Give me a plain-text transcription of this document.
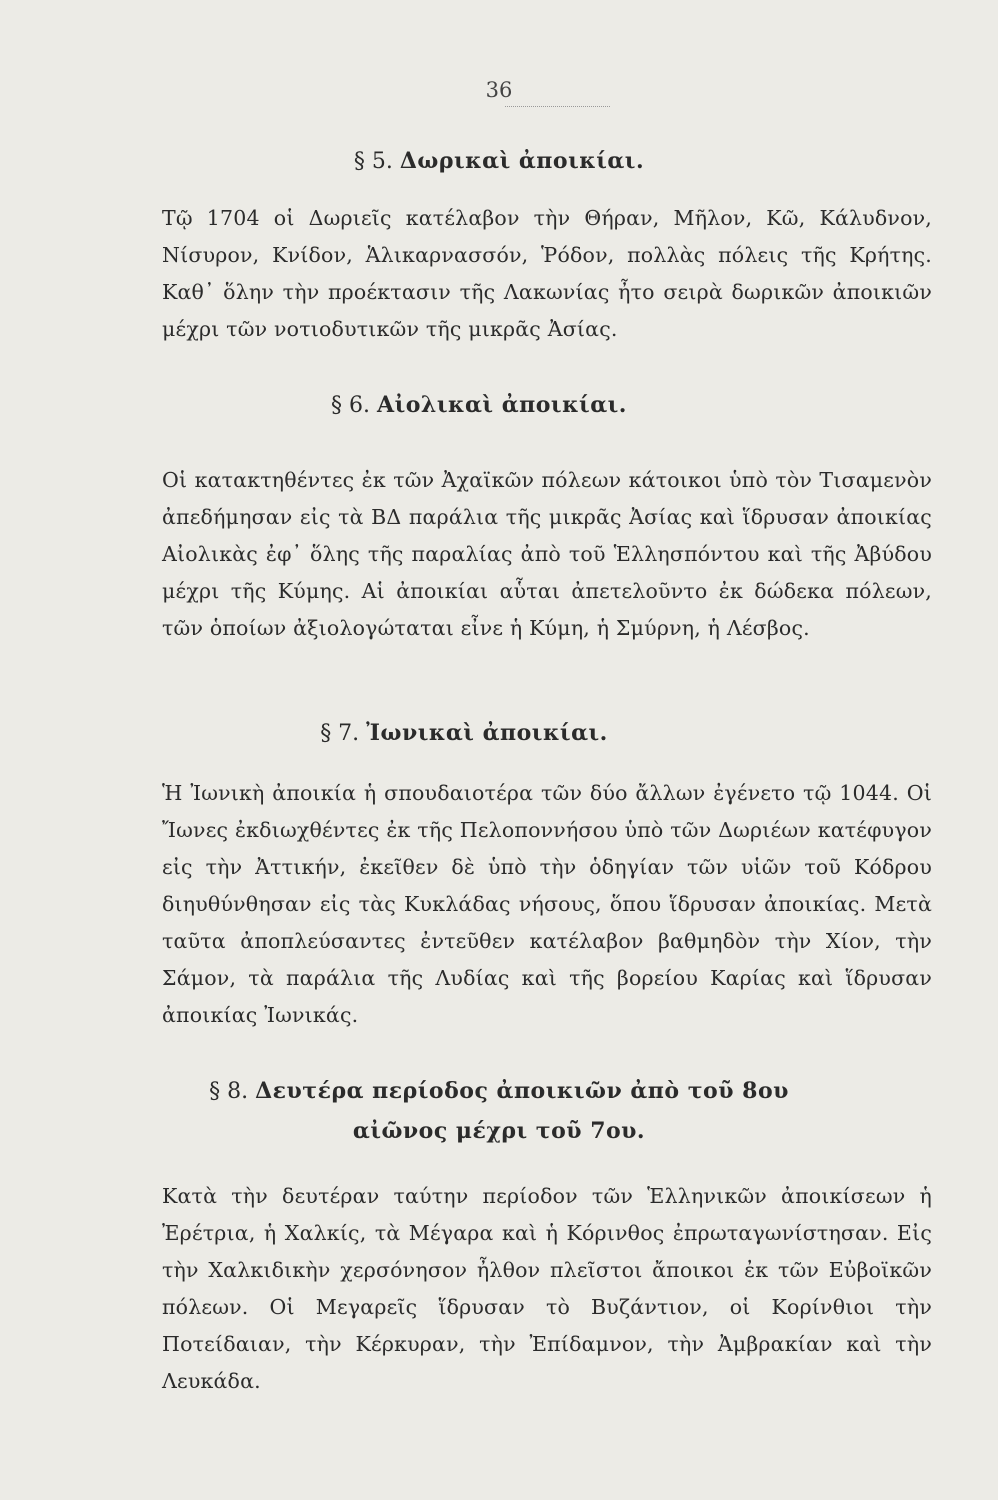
36
§ 5. Δωρικαὶ ἀποικίαι.

Τῷ 1704 οἱ Δωριεῖς κατέλαβον τὴν Θήραν, Μῆλον, Κῶ, Κάλυδνον, Νίσυρον, Κνίδον, Ἁλικαρνασσόν, Ῥόδον, πολλὰς πόλεις τῆς Κρήτης. Καθ᾽ ὅλην τὴν προέκτασιν τῆς Λακωνίας ἦτο σειρὰ δωρικῶν ἀποικιῶν μέχρι τῶν νοτιοδυτικῶν τῆς μικρᾶς Ἀσίας.

§ 6. Αἰολικαὶ ἀποικίαι.

Οἱ κατακτηθέντες ἐκ τῶν Ἀχαϊκῶν πόλεων κάτοικοι ὑπὸ τὸν Τισαμενὸν ἀπεδήμησαν εἰς τὰ ΒΔ παράλια τῆς μικρᾶς Ἀσίας καὶ ἵδρυσαν ἀποικίας Αἰολικὰς ἐφ᾽ ὅλης τῆς παραλίας ἀπὸ τοῦ Ἑλλησπόντου καὶ τῆς Ἀβύδου μέχρι τῆς Κύμης. Αἱ ἀποικίαι αὗται ἀπετελοῦντο ἐκ δώδεκα πόλεων, τῶν ὁποίων ἀξιολογώταται εἶνε ἡ Κύμη, ἡ Σμύρνη, ἡ Λέσβος.

§ 7. Ἰωνικαὶ ἀποικίαι.

Ἡ Ἰωνικὴ ἀποικία ἡ σπουδαιοτέρα τῶν δύο ἄλλων ἐγένετο τῷ 1044. Οἱ Ἴωνες ἐκδιωχθέντες ἐκ τῆς Πελοποννήσου ὑπὸ τῶν Δωριέων κατέφυγον εἰς τὴν Ἀττικήν, ἐκεῖθεν δὲ ὑπὸ τὴν ὁδηγίαν τῶν υἱῶν τοῦ Κόδρου διηυθύνθησαν εἰς τὰς Κυκλάδας νήσους, ὅπου ἵδρυσαν ἀποικίας. Μετὰ ταῦτα ἀποπλεύσαντες ἐντεῦθεν κατέλαβον βαθμηδὸν τὴν Χίον, τὴν Σάμον, τὰ παράλια τῆς Λυδίας καὶ τῆς βορείου Καρίας καὶ ἵδρυσαν ἀποικίας Ἰωνικάς.

§ 8. Δευτέρα περίοδος ἀποικιῶν ἀπὸ τοῦ 8ου
αἰῶνος μέχρι τοῦ 7ου.

Κατὰ τὴν δευτέραν ταύτην περίοδον τῶν Ἑλληνικῶν ἀποικίσεων ἡ Ἐρέτρια, ἡ Χαλκίς, τὰ Μέγαρα καὶ ἡ Κόρινθος ἐπρωταγωνίστησαν. Εἰς τὴν Χαλκιδικὴν χερσόνησον ἦλθον πλεῖστοι ἄποικοι ἐκ τῶν Εὐβοϊκῶν πόλεων. Οἱ Μεγαρεῖς ἵδρυσαν τὸ Βυζάντιον, οἱ Κορίνθιοι τὴν Ποτείδαιαν, τὴν Κέρκυραν, τὴν Ἐπίδαμνον, τὴν Ἀμβρακίαν καὶ τὴν Λευκάδα.
